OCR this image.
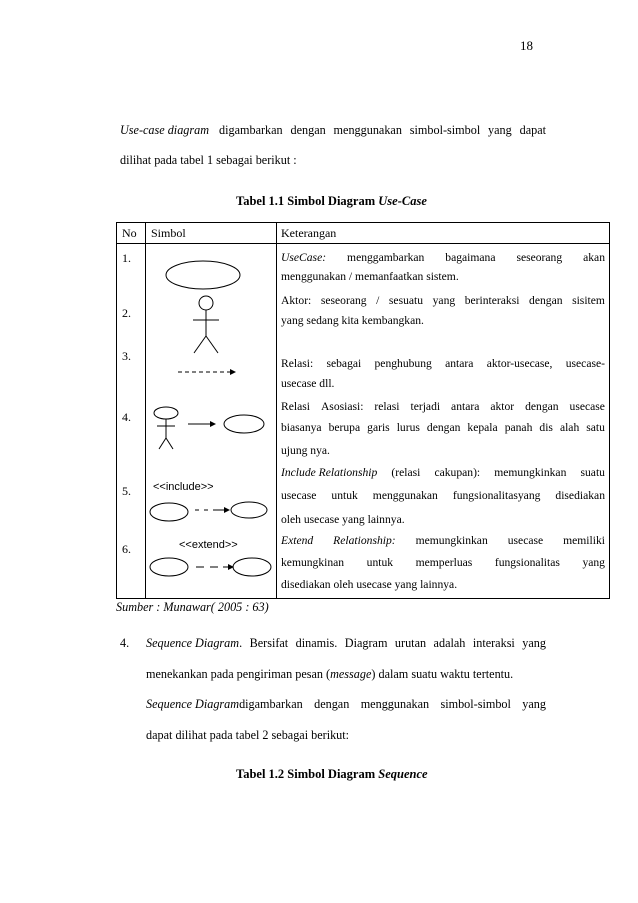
18
Use-case diagram digambarkan dengan menggunakan simbol-simbol yang dapat
dilihat pada tabel 1 sebagai berikut :
Tabel 1.1 Simbol Diagram Use-Case
No Simbol	Keterangan
1.
2.
3.
4.
5.
6.
<<include>>
<<extend>>
UseCase: menggambarkan bagaimana seseorang akan
menggunakan / memanfaatkan sistem.
Aktor: seseorang / sesuatu yang berinteraksi dengan sisitem
yang sedang kita kembangkan.
Relasi: sebagai penghubung antara aktor-usecase, usecase-
usecase dll.
Relasi Asosiasi: relasi terjadi antara aktor dengan usecase
biasanya berupa garis lurus dengan kepala panah dis alah satu
ujung nya.
Include Relationship (relasi cakupan): memungkinkan suatu
usecase untuk menggunakan fungsionalitasyang disediakan
oleh usecase yang lainnya.
Extend Relationship: memungkinkan usecase memiliki
kemungkinan untuk memperluas fungsionalitas yang
disediakan oleh usecase yang lainnya.
Sumber : Munawar( 2005 : 63)
4. Sequence Diagram . Bersifat dinamis. Diagram urutan adalah interaksi yang
menekankan pada pengiriman pesan ( message ) dalam suatu waktu tertentu.
Sequence Diagram digambarkan dengan menggunakan simbol-simbol yang
dapat dilihat pada tabel 2 sebagai berikut:
Tabel 1.2 Simbol Diagram Sequence
